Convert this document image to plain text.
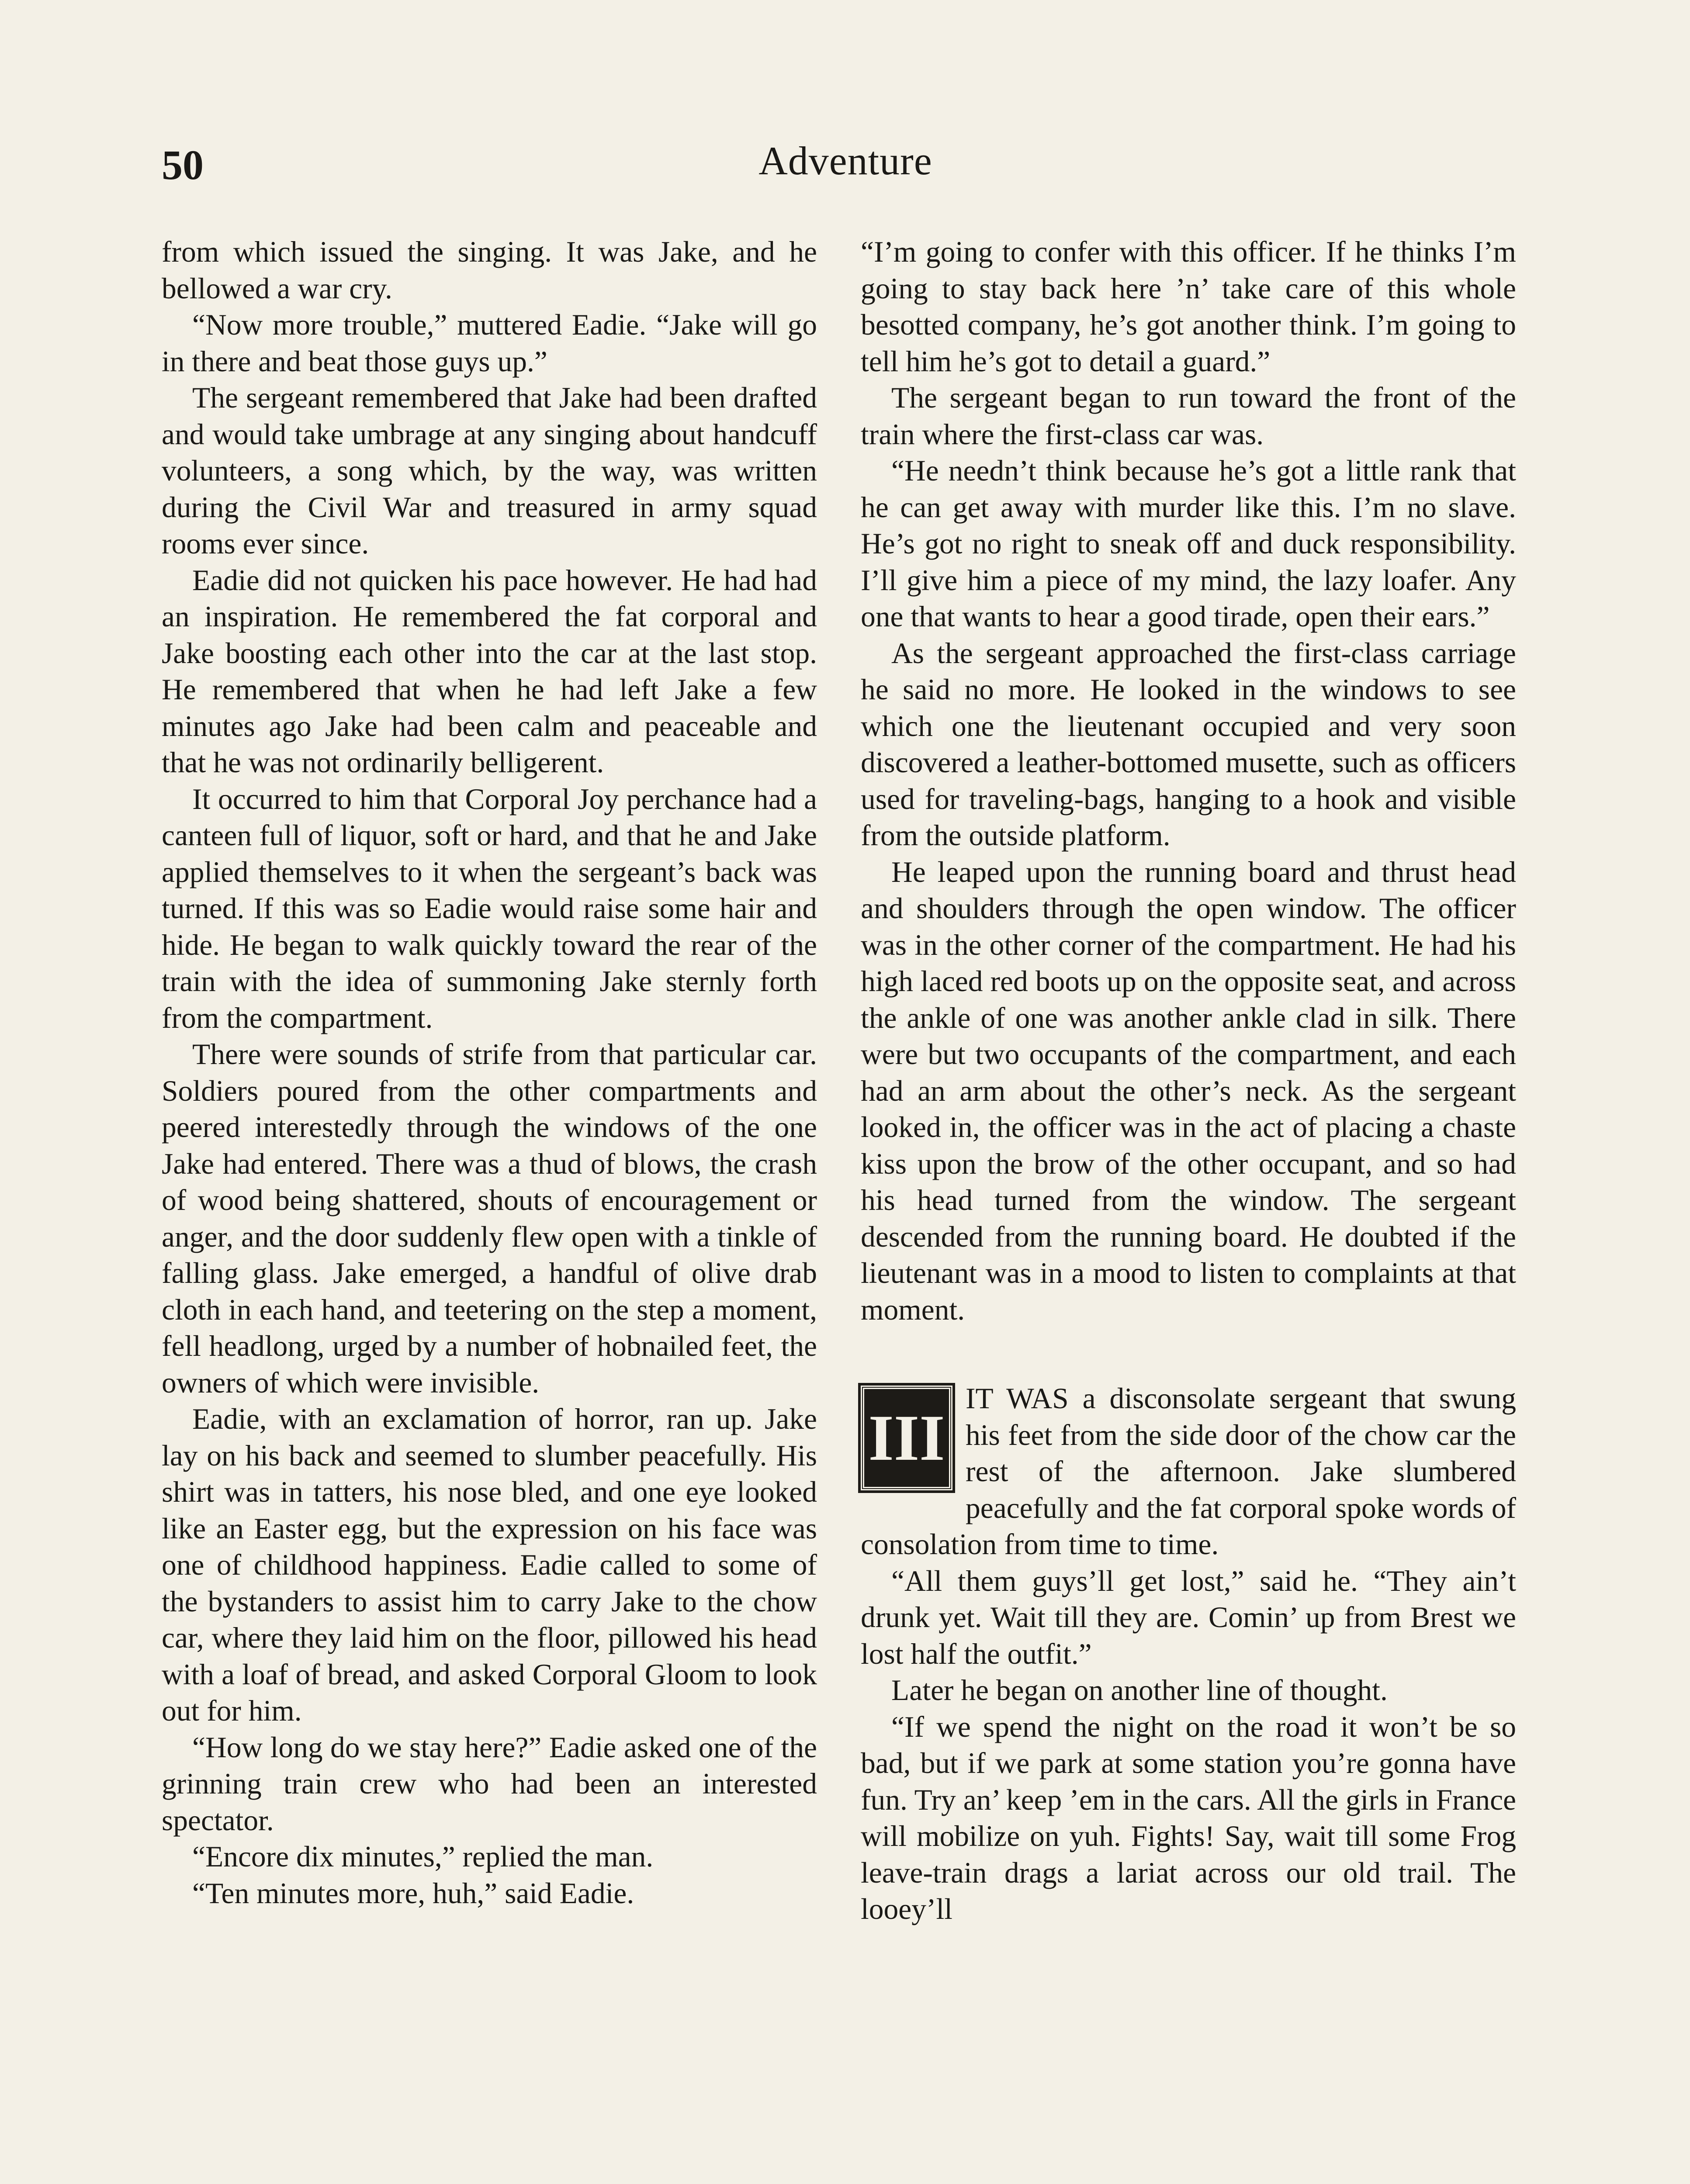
50	Adventure

from which issued the singing. It was Jake, and he bellowed a war cry.

“Now more trouble,” muttered Eadie. “Jake will go in there and beat those guys up.”

The sergeant remembered that Jake had been drafted and would take umbrage at any singing about handcuff volunteers, a song which, by the way, was written during the Civil War and treasured in army squad rooms ever since.

Eadie did not quicken his pace however. He had had an inspiration. He remembered the fat corporal and Jake boosting each other into the car at the last stop. He remembered that when he had left Jake a few minutes ago Jake had been calm and peaceable and that he was not ordinarily belligerent.

It occurred to him that Corporal Joy perchance had a canteen full of liquor, soft or hard, and that he and Jake applied themselves to it when the sergeant’s back was turned. If this was so Eadie would raise some hair and hide. He began to walk quickly toward the rear of the train with the idea of summoning Jake sternly forth from the compartment.

There were sounds of strife from that particular car. Soldiers poured from the other compartments and peered interestedly through the windows of the one Jake had entered. There was a thud of blows, the crash of wood being shattered, shouts of encouragement or anger, and the door suddenly flew open with a tinkle of falling glass. Jake emerged, a handful of olive drab cloth in each hand, and teetering on the step a moment, fell headlong, urged by a number of hobnailed feet, the owners of which were invisible.

Eadie, with an exclamation of horror, ran up. Jake lay on his back and seemed to slumber peacefully. His shirt was in tatters, his nose bled, and one eye looked like an Easter egg, but the expression on his face was one of childhood happiness. Eadie called to some of the bystanders to assist him to carry Jake to the chow car, where they laid him on the floor, pillowed his head with a loaf of bread, and asked Corporal Gloom to look out for him.

“How long do we stay here?” Eadie asked one of the grinning train crew who had been an interested spectator.

“Encore dix minutes,” replied the man.

“Ten minutes more, huh,” said Eadie.

“I’m going to confer with this officer. If he thinks I’m going to stay back here ’n’ take care of this whole besotted company, he’s got another think. I’m going to tell him he’s got to detail a guard.”

The sergeant began to run toward the front of the train where the first-class car was.

“He needn’t think because he’s got a little rank that he can get away with murder like this. I’m no slave. He’s got no right to sneak off and duck responsibility. I’ll give him a piece of my mind, the lazy loafer. Any one that wants to hear a good tirade, open their ears.”

As the sergeant approached the first-class carriage he said no more. He looked in the windows to see which one the lieutenant occupied and very soon discovered a leather-bottomed musette, such as officers used for traveling-bags, hanging to a hook and visible from the outside platform.

He leaped upon the running board and thrust head and shoulders through the open window. The officer was in the other corner of the compartment. He had his high laced red boots up on the opposite seat, and across the ankle of one was another ankle clad in silk. There were but two occupants of the compartment, and each had an arm about the other’s neck. As the sergeant looked in, the officer was in the act of placing a chaste kiss upon the brow of the other occupant, and so had his head turned from the window. The sergeant descended from the running board. He doubted if the lieutenant was in a mood to listen to complaints at that moment.

III
IT WAS a disconsolate sergeant that swung his feet from the side door of the chow car the rest of the afternoon. Jake slumbered peacefully and the fat corporal spoke words of consolation from time to time.

“All them guys’ll get lost,” said he. “They ain’t drunk yet. Wait till they are. Comin’ up from Brest we lost half the outfit.”

Later he began on another line of thought.

“If we spend the night on the road it won’t be so bad, but if we park at some station you’re gonna have fun. Try an’ keep ’em in the cars. All the girls in France will mobilize on yuh. Fights! Say, wait till some Frog leave-train drags a lariat across our old trail. The looey’ll
